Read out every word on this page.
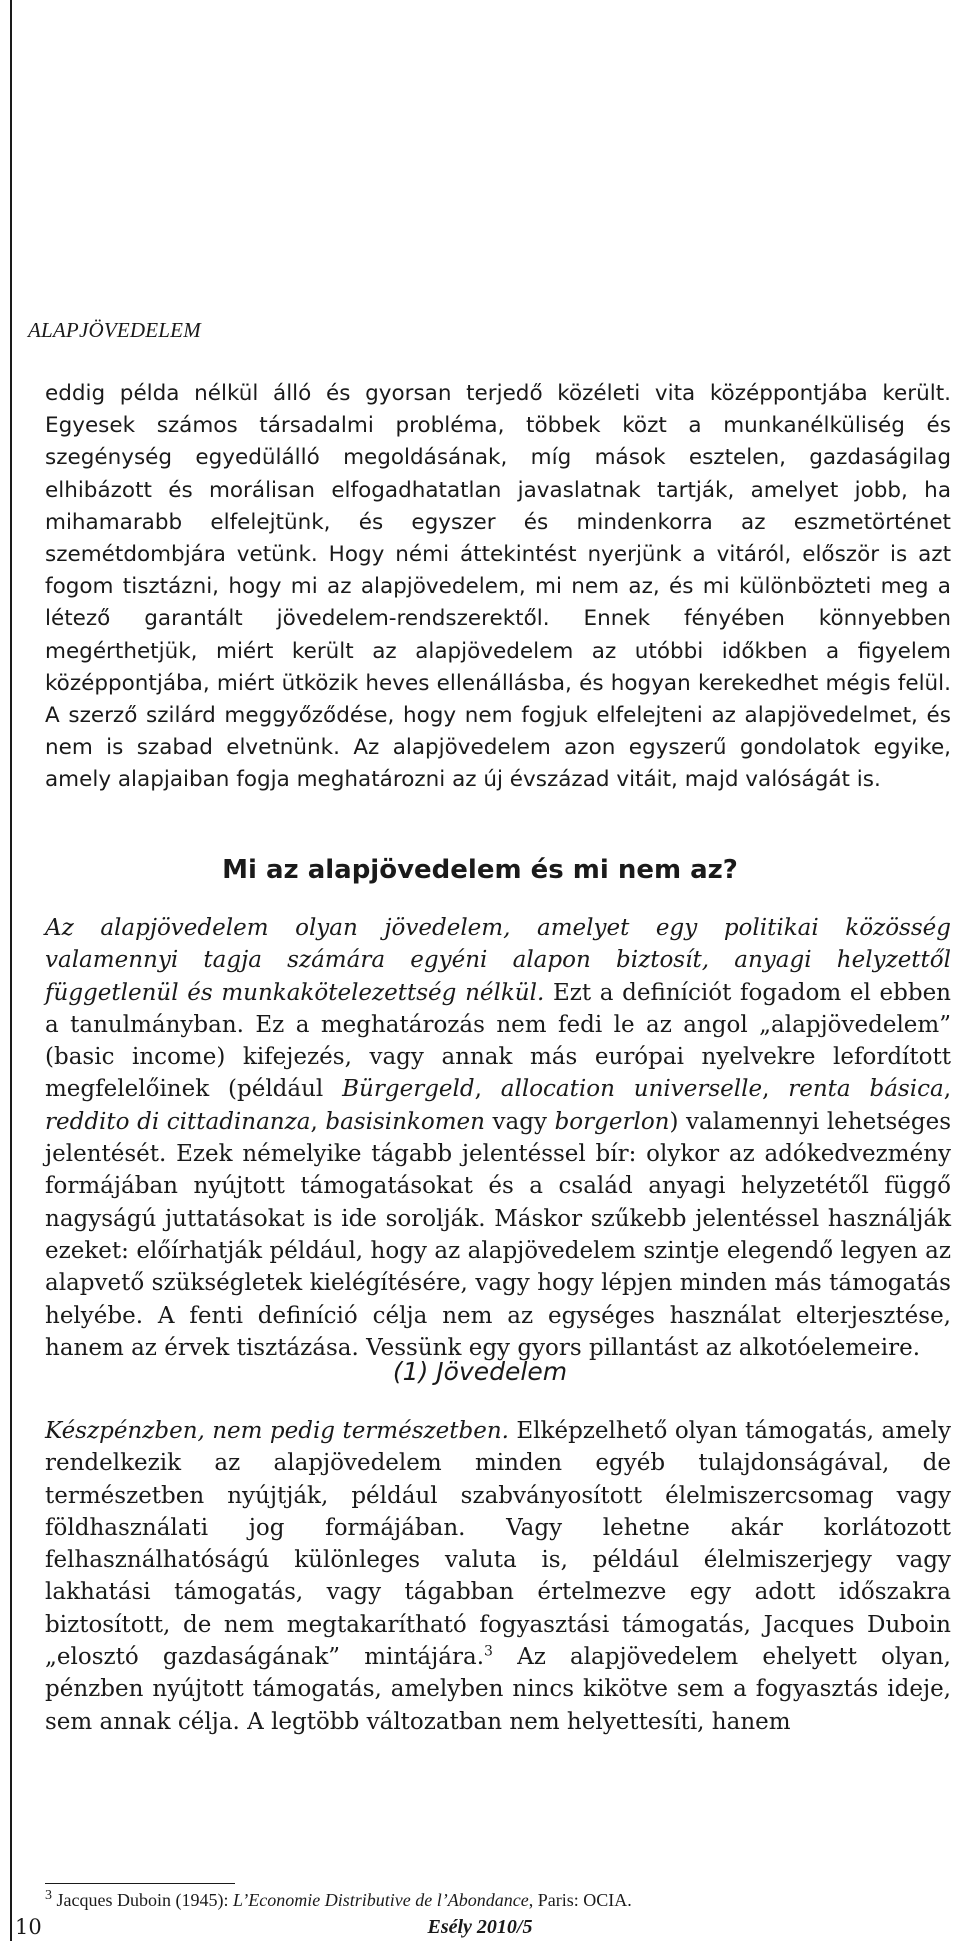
ALAPJÖVEDELEM

eddig példa nélkül álló és gyorsan terjedő közéleti vita középpontjába került. Egyesek számos társadalmi probléma, többek közt a munkanélküliség és szegénység egyedülálló megoldásának, míg mások esztelen, gazdaságilag elhibázott és morálisan elfogadhatatlan javaslatnak tartják, amelyet jobb, ha mihamarabb elfelejtünk, és egyszer és mindenkorra az eszmetörténet szemétdombjára vetünk. Hogy némi áttekintést nyerjünk a vitáról, először is azt fogom tisztázni, hogy mi az alapjövedelem, mi nem az, és mi különbözteti meg a létező garantált jövedelem-rendszerektől. Ennek fényében könnyebben megérthetjük, miért került az alapjövedelem az utóbbi időkben a figyelem középpontjába, miért ütközik heves ellenállásba, és hogyan kerekedhet mégis felül. A szerző szilárd meggyőződése, hogy nem fogjuk elfelejteni az alapjövedelmet, és nem is szabad elvetnünk. Az alapjövedelem azon egyszerű gondolatok egyike, amely alapjaiban fogja meghatározni az új évszázad vitáit, majd valóságát is.

Mi az alapjövedelem és mi nem az?

Az alapjövedelem olyan jövedelem, amelyet egy politikai közösség valamennyi tagja számára egyéni alapon biztosít, anyagi helyzettől függetlenül és munkakötelezettség nélkül. Ezt a definíciót fogadom el ebben a tanulmányban. Ez a meghatározás nem fedi le az angol „alapjövedelem” (basic income) kifejezés, vagy annak más európai nyelvekre lefordított megfelelőinek (például Bürgergeld, allocation universelle, renta básica, reddito di cittadinanza, basisinkomen vagy borgerlon) valamennyi lehetséges jelentését. Ezek némelyike tágabb jelentéssel bír: olykor az adókedvezmény formájában nyújtott támogatásokat és a család anyagi helyzetétől függő nagyságú juttatásokat is ide sorolják. Máskor szűkebb jelentéssel használják ezeket: előírhatják például, hogy az alapjövedelem szintje elegendő legyen az alapvető szükségletek kielégítésére, vagy hogy lépjen minden más támogatás helyébe. A fenti definíció célja nem az egységes használat elterjesztése, hanem az érvek tisztázása. Vessünk egy gyors pillantást az alkotóelemeire.

(1) Jövedelem

Készpénzben, nem pedig természetben. Elképzelhető olyan támogatás, amely rendelkezik az alapjövedelem minden egyéb tulajdonságával, de természetben nyújtják, például szabványosított élelmiszercsomag vagy földhasználati jog formájában. Vagy lehetne akár korlátozott felhasználhatóságú különleges valuta is, például élelmiszerjegy vagy lakhatási támogatás, vagy tágabban értelmezve egy adott időszakra biztosított, de nem megtakarítható fogyasztási támogatás, Jacques Duboin „elosztó gazdaságának” mintájára.$^3$ Az alapjövedelem ehelyett olyan, pénzben nyújtott támogatás, amelyben nincs kikötve sem a fogyasztás ideje, sem annak célja. A legtöbb változatban nem helyettesíti, hanem

$^3$ Jacques Duboin (1945): L’Economie Distributive de l’Abondance, Paris: OCIA.
10	Esély 2010/5
